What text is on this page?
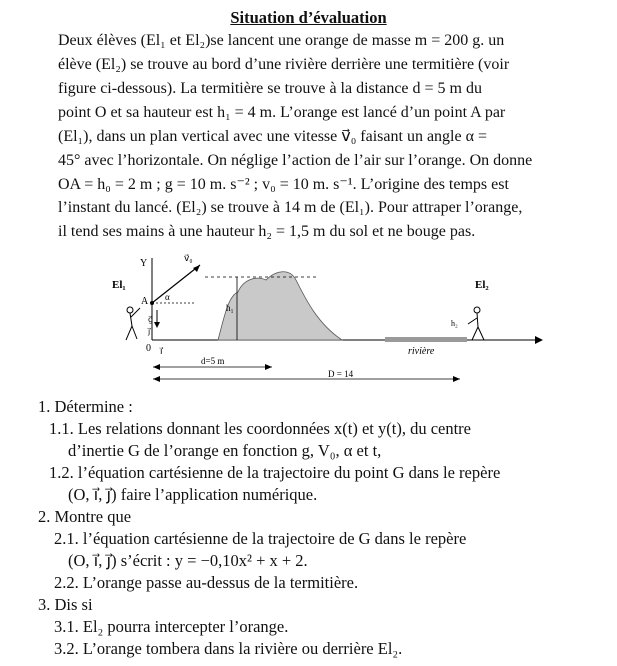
Situation d’évaluation
Deux élèves (El₁ et El₂)se lancent une orange de masse m = 200 g. un
élève (El₂) se trouve au bord d’une rivière derrière une termitière (voir
figure ci-dessous). La termitière se trouve à la distance d = 5 m du
point O et sa hauteur est h₁ = 4 m. L’orange est lancé d’un point A par
(El₁), dans un plan vertical avec une vitesse v⃗₀ faisant un angle α =
45° avec l’horizontale. On néglige l’action de l’air sur l’orange. On donne
OA = h₀ = 2 m ; g = 10 m. s⁻² ; v₀ = 10 m. s⁻¹. L’origine des temps est
l’instant du lancé. (El₂) se trouve à 14 m de (El₁). Pour attraper l’orange,
il tend ses mains à une hauteur h₂ = 1,5 m du sol et ne bouge pas.
Y
El₁
A
v⃗₀
α
g⃗
j⃗
0 i⃗
h₁
rivière
El₂
h₂
d=5 m
D = 14
1. Détermine :
1.1. Les relations donnant les coordonnées x(t) et y(t), du centre
d’inertie G de l’orange en fonction g, V₀, α et t,
1.2. l’équation cartésienne de la trajectoire du point G dans le repère
(O, i⃗, j⃗) faire l’application numérique.
2. Montre que
2.1. l’équation cartésienne de la trajectoire de G dans le repère
(O, i⃗, j⃗) s’écrit : y = −0,10x² + x + 2.
2.2. L’orange passe au-dessus de la termitière.
3. Dis si
3.1. El₂ pourra intercepter l’orange.
3.2. L’orange tombera dans la rivière ou derrière El₂.
